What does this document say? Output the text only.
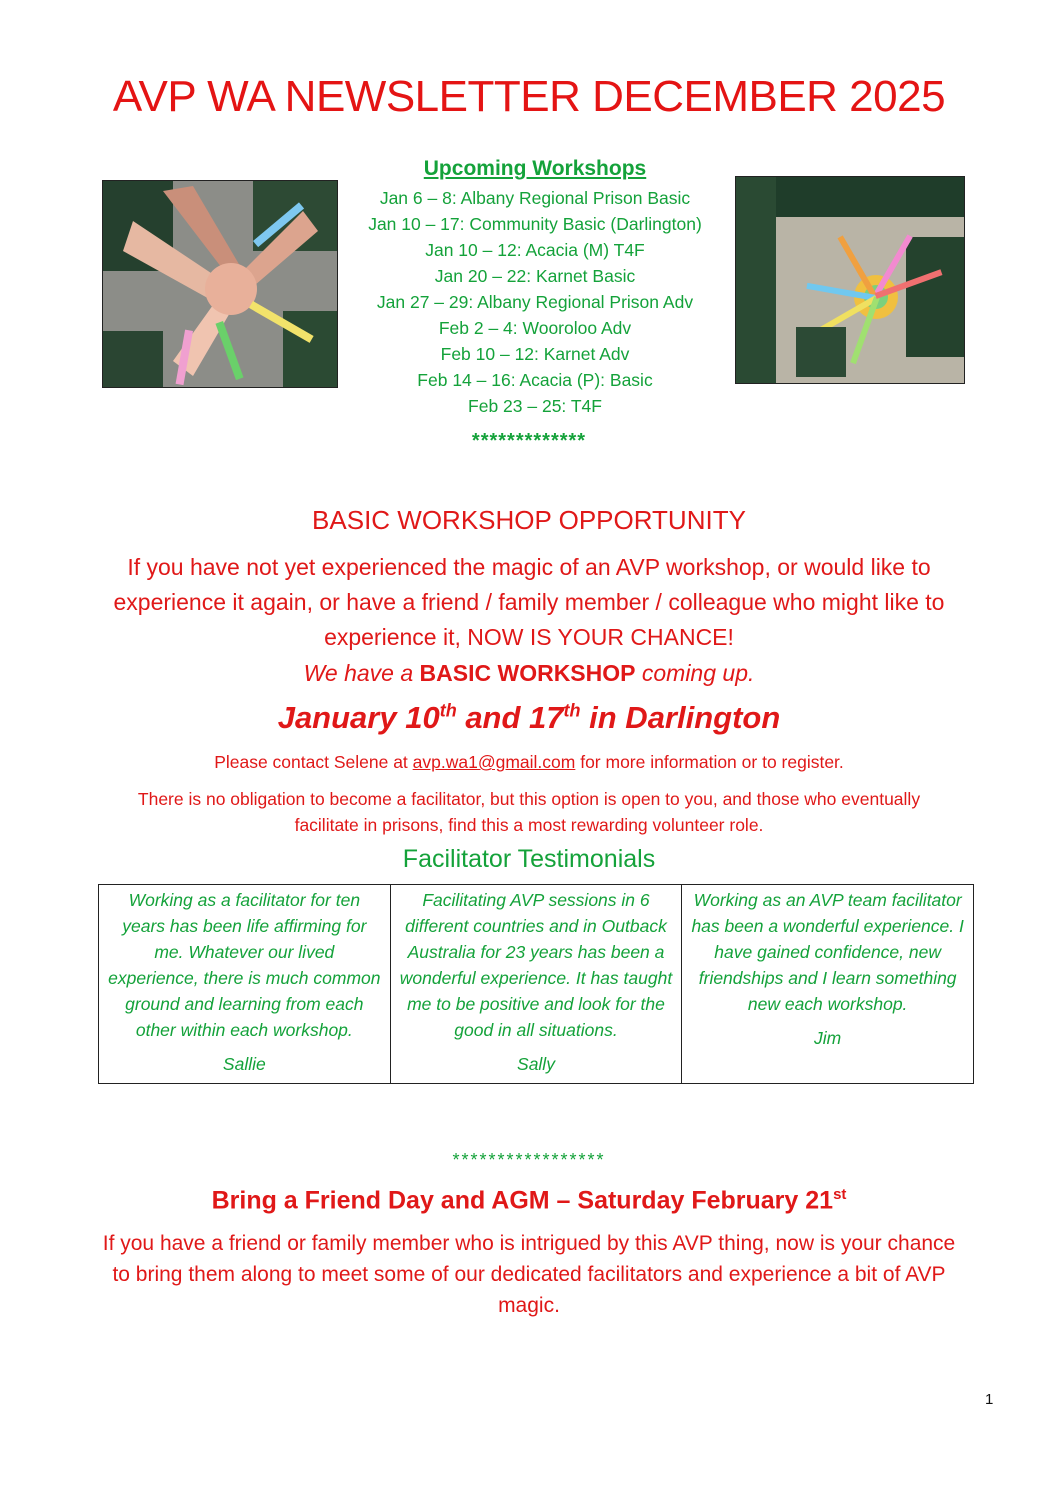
AVP WA NEWSLETTER DECEMBER 2025
Upcoming Workshops
Jan 6 – 8: Albany Regional Prison Basic
Jan 10 – 17: Community Basic (Darlington)
Jan 10 – 12: Acacia (M) T4F
Jan 20 – 22: Karnet Basic
Jan 27 – 29: Albany Regional Prison Adv
Feb 2 – 4: Wooroloo Adv
Feb 10 – 12: Karnet Adv
Feb 14 – 16: Acacia (P): Basic
Feb 23 – 25: T4F
*************
BASIC WORKSHOP OPPORTUNITY
If you have not yet experienced the magic of an AVP workshop, or would like to experience it again, or have a friend / family member / colleague who might like to experience it, NOW IS YOUR CHANCE!
We have a BASIC WORKSHOP coming up.
January 10th and 17th in Darlington
Please contact Selene at avp.wa1@gmail.com for more information or to register.
There is no obligation to become a facilitator, but this option is open to you, and those who eventually facilitate in prisons, find this a most rewarding volunteer role.
Facilitator Testimonials
Working as a facilitator for ten years has been life affirming for me. Whatever our lived experience, there is much common ground and learning from each other within each workshop.
Sallie

Facilitating AVP sessions in 6 different countries and in Outback Australia for 23 years has been a wonderful experience. It has taught me to be positive and look for the good in all situations.
Sally

Working as an AVP team facilitator has been a wonderful experience. I have gained confidence, new friendships and I learn something new each workshop.
Jim
*****************
Bring a Friend Day and AGM – Saturday February 21st
If you have a friend or family member who is intrigued by this AVP thing, now is your chance to bring them along to meet some of our dedicated facilitators and experience a bit of AVP magic.
1
